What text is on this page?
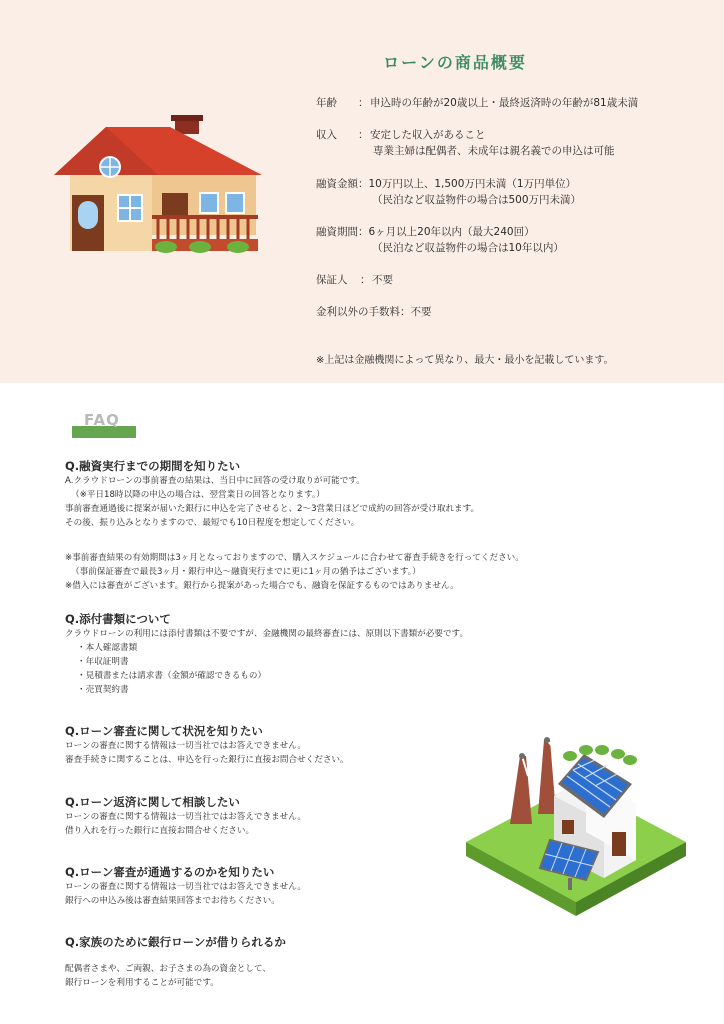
ローンの商品概要
年齢	： 申込時の年齢が20歳以上・最終返済時の年齢が81歳未満
収入	： 安定した収入があること
専業主婦は配偶者、未成年は親名義での申込は可能
融資金額 ： 10万円以上、1,500万円未満（1万円単位）
（民泊など収益物件の場合は500万円未満）
融資期間 ： 6ヶ月以上20年以内（最大240回）
（民泊など収益物件の場合は10年以内）
保証人	： 不要
金利以外の手数料 ： 不要
※上記は金融機関によって異なり、最大・最小を記載しています。
FAQ
Q.融資実行までの期間を知りたい
A.クラウドローンの事前審査の結果は、当日中に回答の受け取りが可能です。
（※平日18時以降の申込の場合は、翌営業日の回答となります。）
事前審査通過後に提案が届いた銀行に申込を完了させると、2〜3営業日ほどで成約の回答が受け取れます。
その後、振り込みとなりますので、最短でも10日程度を想定してください。
※事前審査結果の有効期間は3ヶ月となっておりますので、購入スケジュールに合わせて審査手続きを行ってください。
（事前保証審査で最長3ヶ月・銀行申込〜融資実行までに更に1ヶ月の猶予はございます。）
※借入には審査がございます。銀行から提案があった場合でも、融資を保証するものではありません。
Q.添付書類について
クラウドローンの利用には添付書類は不要ですが、金融機関の最終審査には、原則以下書類が必要です。
・本人確認書類
・年収証明書
・見積書または請求書（金額が確認できるもの）
・売買契約書
Q.ローン審査に関して状況を知りたい
ローンの審査に関する情報は一切当社ではお答えできません。
審査手続きに関することは、申込を行った銀行に直接お問合せください。
Q.ローン返済に関して相談したい
ローンの審査に関する情報は一切当社ではお答えできません。
借り入れを行った銀行に直接お問合せください。
Q.ローン審査が通過するのかを知りたい
ローンの審査に関する情報は一切当社ではお答えできません。
銀行への申込み後は審査結果回答までお待ちください。
Q.家族のために銀行ローンが借りられるか
配偶者さまや、ご両親、お子さまの為の資金として、
銀行ローンを利用することが可能です。
